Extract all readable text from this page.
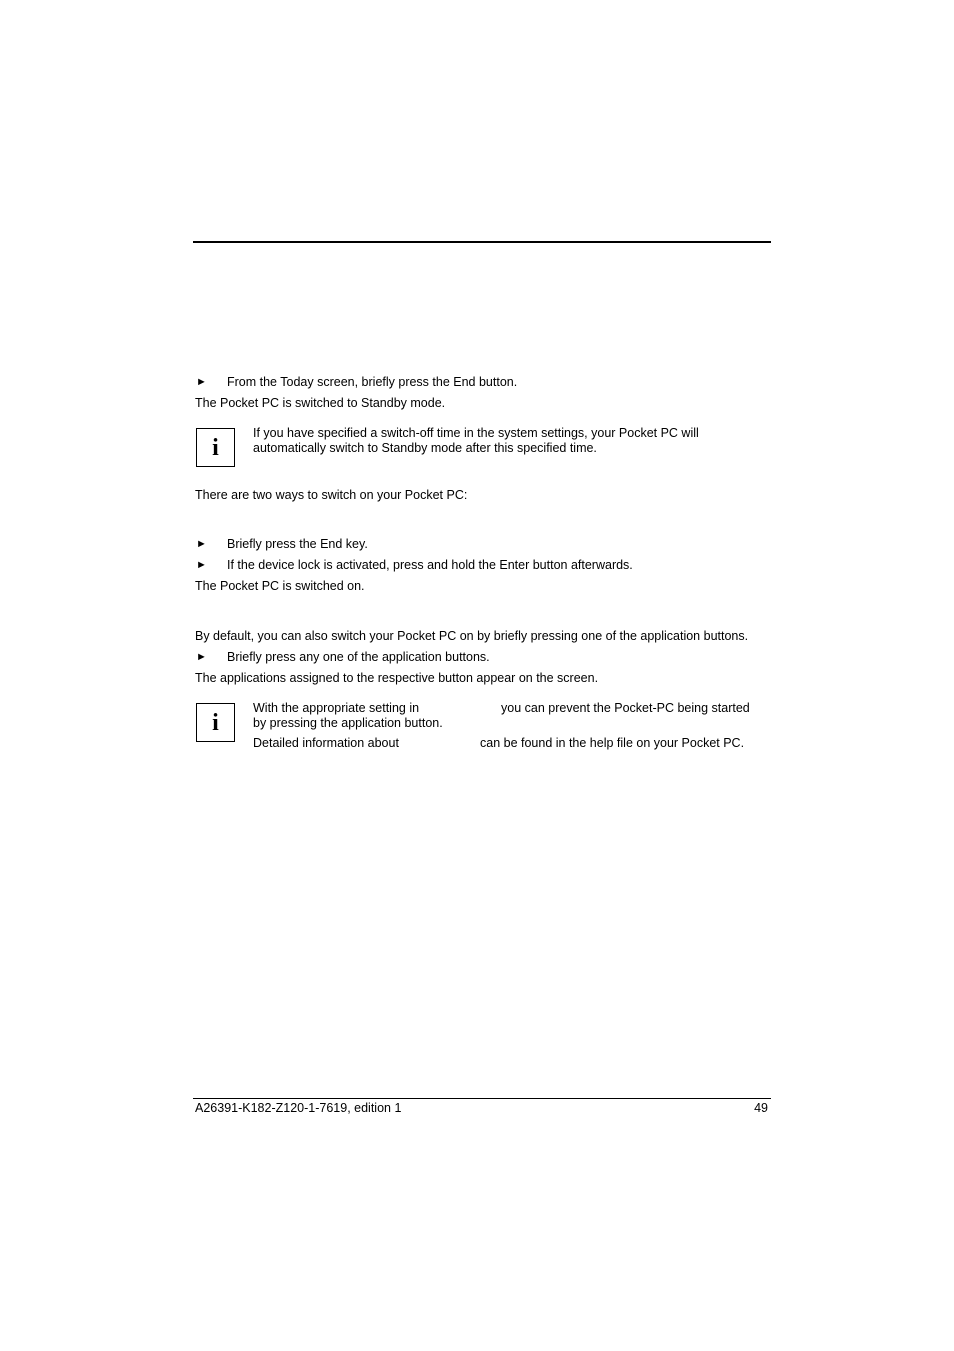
► From the Today screen, briefly press the End button.
The Pocket PC is switched to Standby mode.
i
If you have specified a switch-off time in the system settings, your Pocket PC will
automatically switch to Standby mode after this specified time.
There are two ways to switch on your Pocket PC:
► Briefly press the End key.
► If the device lock is activated, press and hold the Enter button afterwards.
The Pocket PC is switched on.
By default, you can also switch your Pocket PC on by briefly pressing one of the application buttons.
► Briefly press any one of the application buttons.
The applications assigned to the respective button appear on the screen.
i
With the appropriate setting in	you can prevent the Pocket-PC being started
by pressing the application button.
Detailed information about	can be found in the help file on your Pocket PC.
A26391-K182-Z120-1-7619, edition 1	49
